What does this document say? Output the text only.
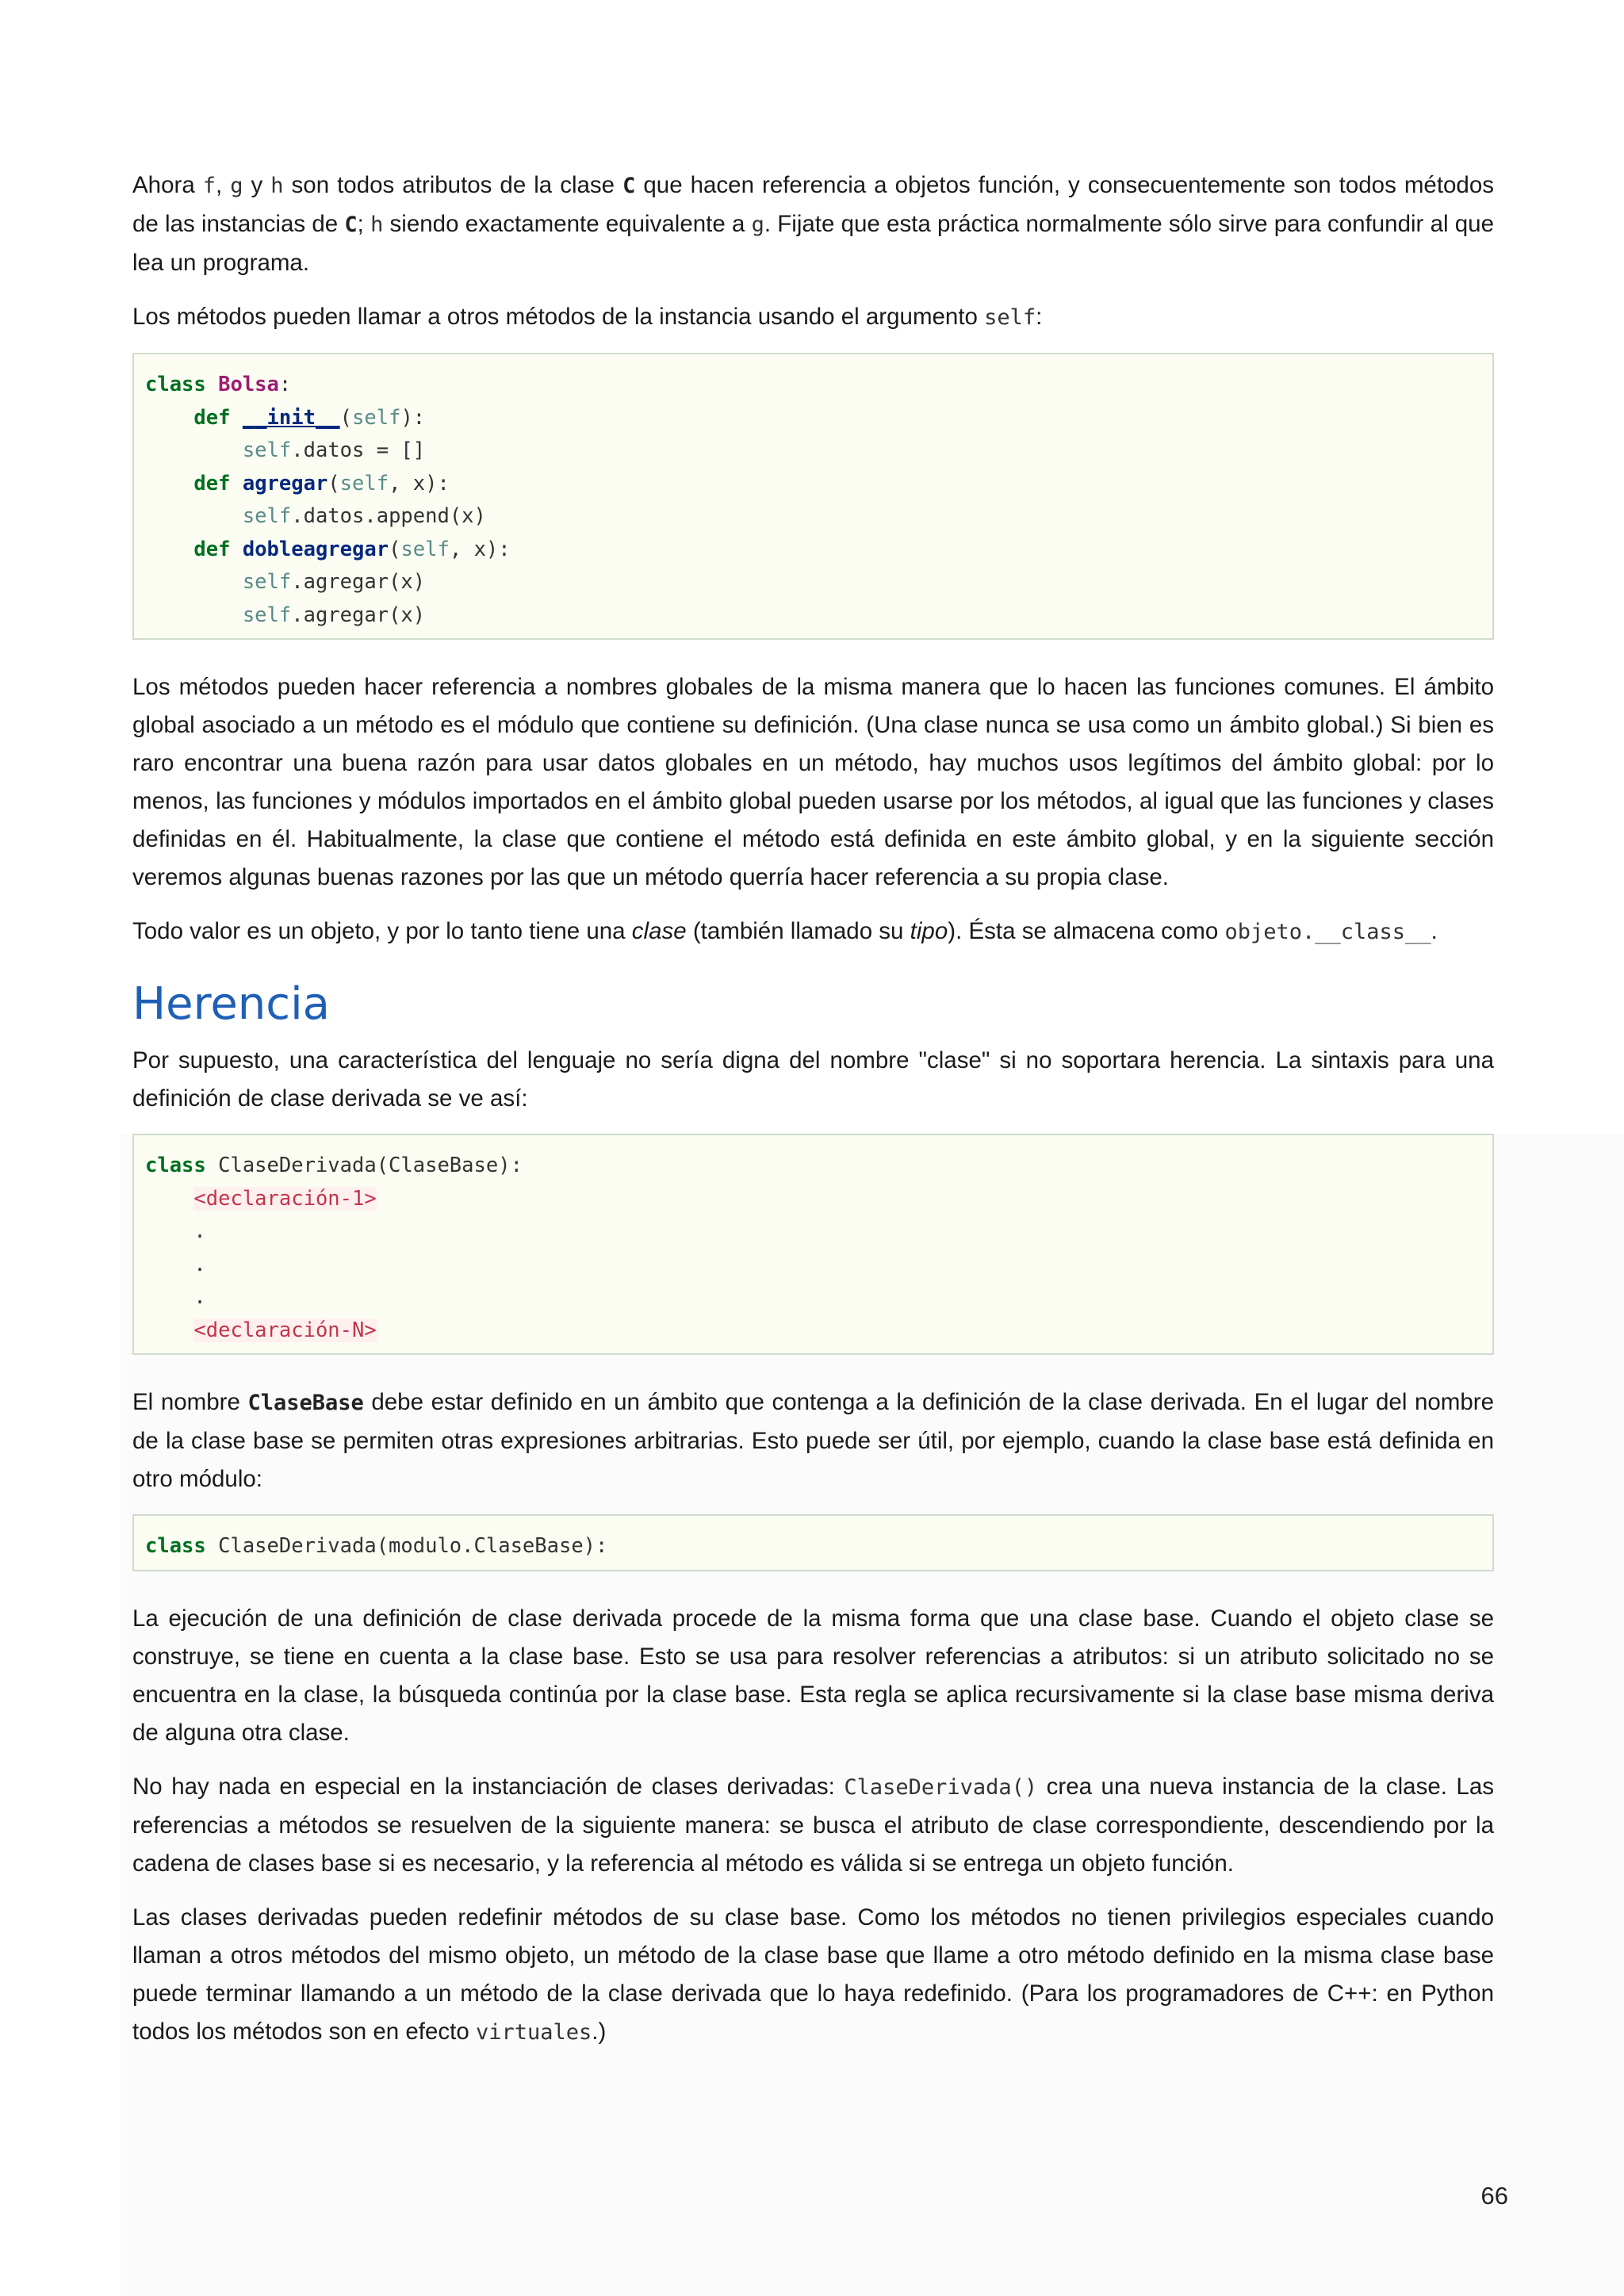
Ahora f, g y h son todos atributos de la clase C que hacen referencia a objetos función, y consecuentemente son todos métodos de las instancias de C; h siendo exactamente equivalente a g. Fijate que esta práctica normalmente sólo sirve para confundir al que lea un programa.

Los métodos pueden llamar a otros métodos de la instancia usando el argumento self:

class Bolsa:
def __init__(self):
self.datos = []
def agregar(self, x):
self.datos.append(x)
def dobleagregar(self, x):
self.agregar(x)
self.agregar(x)

Los métodos pueden hacer referencia a nombres globales de la misma manera que lo hacen las funciones comunes. El ámbito global asociado a un método es el módulo que contiene su definición. (Una clase nunca se usa como un ámbito global.) Si bien es raro encontrar una buena razón para usar datos globales en un método, hay muchos usos legítimos del ámbito global: por lo menos, las funciones y módulos importados en el ámbito global pueden usarse por los métodos, al igual que las funciones y clases definidas en él. Habitualmente, la clase que contiene el método está definida en este ámbito global, y en la siguiente sección veremos algunas buenas razones por las que un método querría hacer referencia a su propia clase.

Todo valor es un objeto, y por lo tanto tiene una clase (también llamado su tipo). Ésta se almacena como objeto.__class__.

Herencia

Por supuesto, una característica del lenguaje no sería digna del nombre "clase" si no soportara herencia. La sintaxis para una definición de clase derivada se ve así:

class ClaseDerivada(ClaseBase):
<declaración-1>
.
.
.
<declaración-N>

El nombre ClaseBase debe estar definido en un ámbito que contenga a la definición de la clase derivada. En el lugar del nombre de la clase base se permiten otras expresiones arbitrarias. Esto puede ser útil, por ejemplo, cuando la clase base está definida en otro módulo:

class ClaseDerivada(modulo.ClaseBase):

La ejecución de una definición de clase derivada procede de la misma forma que una clase base. Cuando el objeto clase se construye, se tiene en cuenta a la clase base. Esto se usa para resolver referencias a atributos: si un atributo solicitado no se encuentra en la clase, la búsqueda continúa por la clase base. Esta regla se aplica recursivamente si la clase base misma deriva de alguna otra clase.

No hay nada en especial en la instanciación de clases derivadas: ClaseDerivada() crea una nueva instancia de la clase. Las referencias a métodos se resuelven de la siguiente manera: se busca el atributo de clase correspondiente, descendiendo por la cadena de clases base si es necesario, y la referencia al método es válida si se entrega un objeto función.

Las clases derivadas pueden redefinir métodos de su clase base. Como los métodos no tienen privilegios especiales cuando llaman a otros métodos del mismo objeto, un método de la clase base que llame a otro método definido en la misma clase base puede terminar llamando a un método de la clase derivada que lo haya redefinido. (Para los programadores de C++: en Python todos los métodos son en efecto virtuales.)

66
